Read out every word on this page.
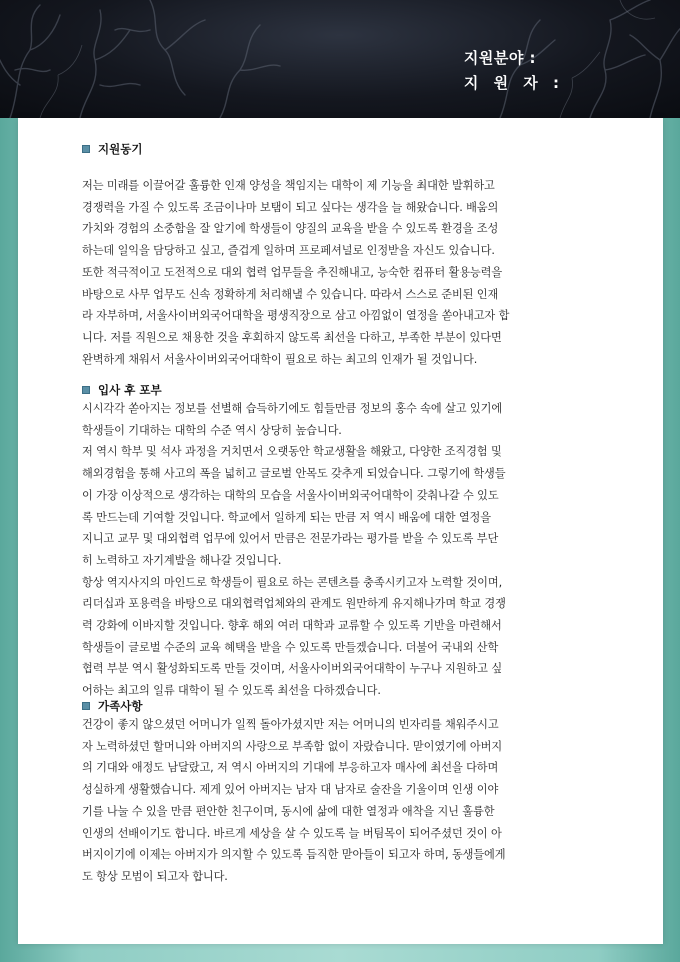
지원분야 :
지 원 자 :
지원동기

저는 미래를 이끌어갈 훌륭한 인재 양성을 책임지는 대학이 제 기능을 최대한 발휘하고
경쟁력을 가질 수 있도록 조금이나마 보탬이 되고 싶다는 생각을 늘 해왔습니다. 배움의
가치와 경험의 소중함을 잘 알기에 학생들이 양질의 교육을 받을 수 있도록 환경을 조성
하는데 일익을 담당하고 싶고, 즐겁게 일하며 프로페셔널로 인정받을 자신도 있습니다.
또한 적극적이고 도전적으로 대외 협력 업무들을 추진해내고, 능숙한 컴퓨터 활용능력을
바탕으로 사무 업무도 신속 정확하게 처리해낼 수 있습니다. 따라서 스스로 준비된 인재
라 자부하며, 서울사이버외국어대학을 평생직장으로 삼고 아낌없이 열정을 쏟아내고자 합
니다. 저를 직원으로 채용한 것을 후회하지 않도록 최선을 다하고, 부족한 부분이 있다면
완벽하게 채워서 서울사이버외국어대학이 필요로 하는 최고의 인재가 될 것입니다.

입사 후 포부

시시각각 쏟아지는 정보를 선별해 습득하기에도 힘들만큼 정보의 홍수 속에 살고 있기에
학생들이 기대하는 대학의 수준 역시 상당히 높습니다.
저 역시 학부 및 석사 과정을 거치면서 오랫동안 학교생활을 해왔고, 다양한 조직경험 및
해외경험을 통해 사고의 폭을 넓히고 글로벌 안목도 갖추게 되었습니다. 그렇기에 학생들
이 가장 이상적으로 생각하는 대학의 모습을 서울사이버외국어대학이 갖춰나갈 수 있도
록 만드는데 기여할 것입니다. 학교에서 일하게 되는 만큼 저 역시 배움에 대한 열정을
지니고 교무 및 대외협력 업무에 있어서 만큼은 전문가라는 평가를 받을 수 있도록 부단
히 노력하고 자기계발을 해나갈 것입니다.
항상 역지사지의 마인드로 학생들이 필요로 하는 콘텐츠를 충족시키고자 노력할 것이며,
리더십과 포용력을 바탕으로 대외협력업체와의 관계도 원만하게 유지해나가며 학교 경쟁
력 강화에 이바지할 것입니다. 향후 해외 여러 대학과 교류할 수 있도록 기반을 마련해서
학생들이 글로벌 수준의 교육 혜택을 받을 수 있도록 만들겠습니다. 더불어 국내외 산학
협력 부분 역시 활성화되도록 만들 것이며, 서울사이버외국어대학이 누구나 지원하고 싶
어하는 최고의 일류 대학이 될 수 있도록 최선을 다하겠습니다.

가족사항

건강이 좋지 않으셨던 어머니가 일찍 돌아가셨지만 저는 어머니의 빈자리를 채워주시고
자 노력하셨던 할머니와 아버지의 사랑으로 부족함 없이 자랐습니다. 맏이였기에 아버지
의 기대와 애정도 남달랐고, 저 역시 아버지의 기대에 부응하고자 매사에 최선을 다하며
성실하게 생활했습니다. 제게 있어 아버지는 남자 대 남자로 술잔을 기울이며 인생 이야
기를 나눌 수 있을 만큼 편안한 친구이며, 동시에 삶에 대한 열정과 애착을 지닌 훌륭한
인생의 선배이기도 합니다. 바르게 세상을 살 수 있도록 늘 버팀목이 되어주셨던 것이 아
버지이기에 이제는 아버지가 의지할 수 있도록 듬직한 맏아들이 되고자 하며, 동생들에게
도 항상 모범이 되고자 합니다.
